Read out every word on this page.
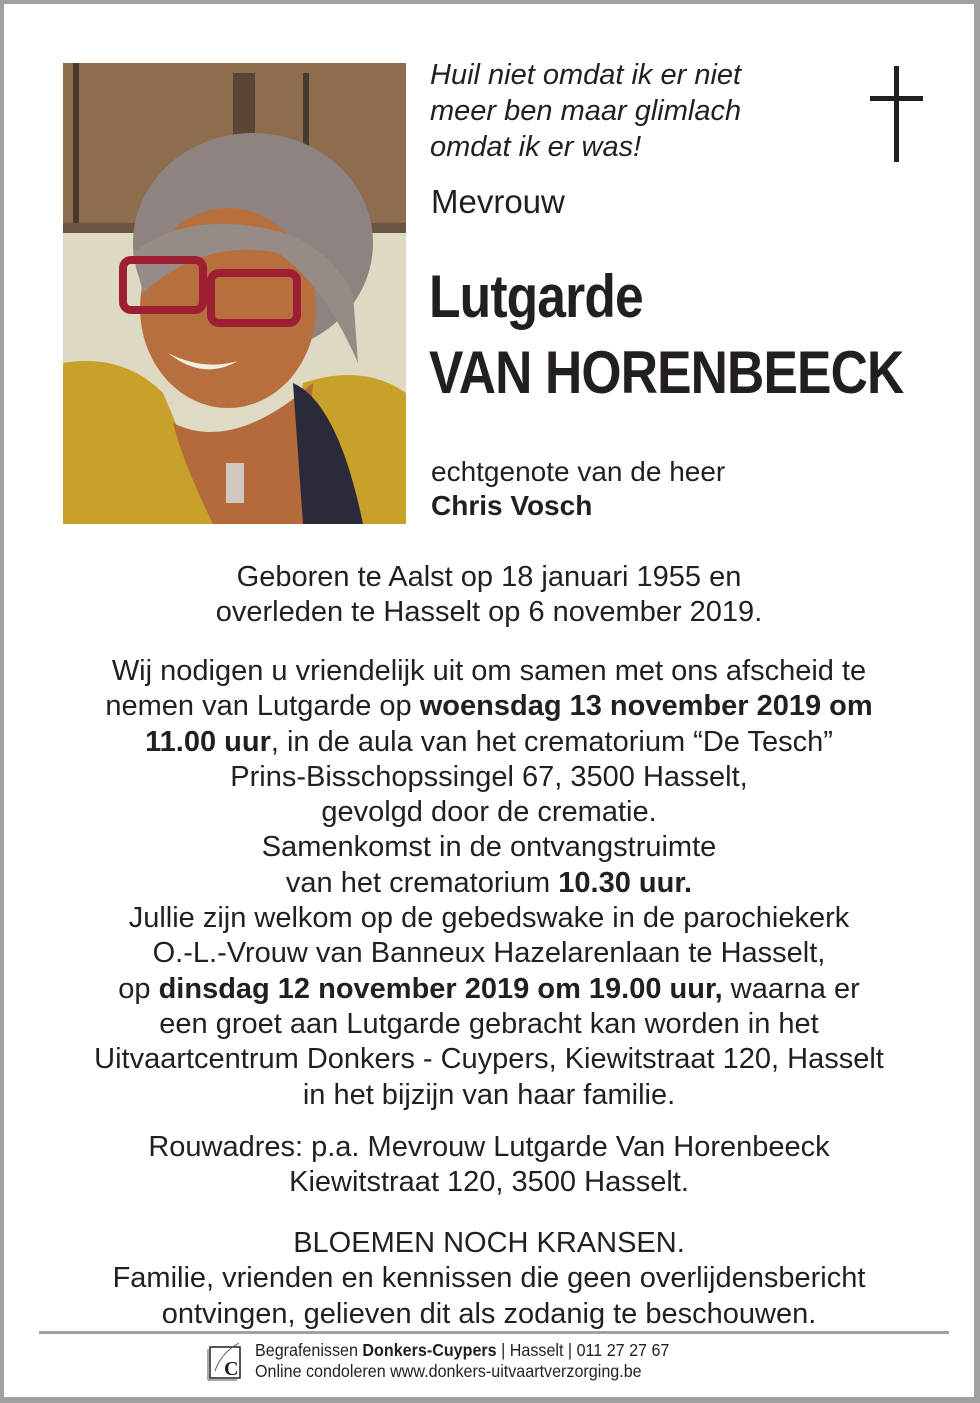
Huil niet omdat ik er niet
meer ben maar glimlach
omdat ik er was!
Mevrouw
Lutgarde
VAN HORENBEECK
echtgenote van de heer
Chris Vosch
Geboren te Aalst op 18 januari 1955 en
overleden te Hasselt op 6 november 2019.
Wij nodigen u vriendelijk uit om samen met ons afscheid te
nemen van Lutgarde op woensdag 13 november 2019 om
11.00 uur, in de aula van het crematorium “De Tesch”
Prins-Bisschopssingel 67, 3500 Hasselt,
gevolgd door de crematie.
Samenkomst in de ontvangstruimte
van het crematorium 10.30 uur.
Jullie zijn welkom op de gebedswake in de parochiekerk
O.-L.-Vrouw van Banneux Hazelarenlaan te Hasselt,
op dinsdag 12 november 2019 om 19.00 uur, waarna er
een groet aan Lutgarde gebracht kan worden in het
Uitvaartcentrum Donkers - Cuypers, Kiewitstraat 120, Hasselt
in het bijzijn van haar familie.
Rouwadres: p.a. Mevrouw Lutgarde Van Horenbeeck
Kiewitstraat 120, 3500 Hasselt.
BLOEMEN NOCH KRANSEN.
Familie, vrienden en kennissen die geen overlijdensbericht
ontvingen, gelieven dit als zodanig te beschouwen.
C
Begrafenissen Donkers-Cuypers | Hasselt | 011 27 27 67
Online condoleren www.donkers-uitvaartverzorging.be
